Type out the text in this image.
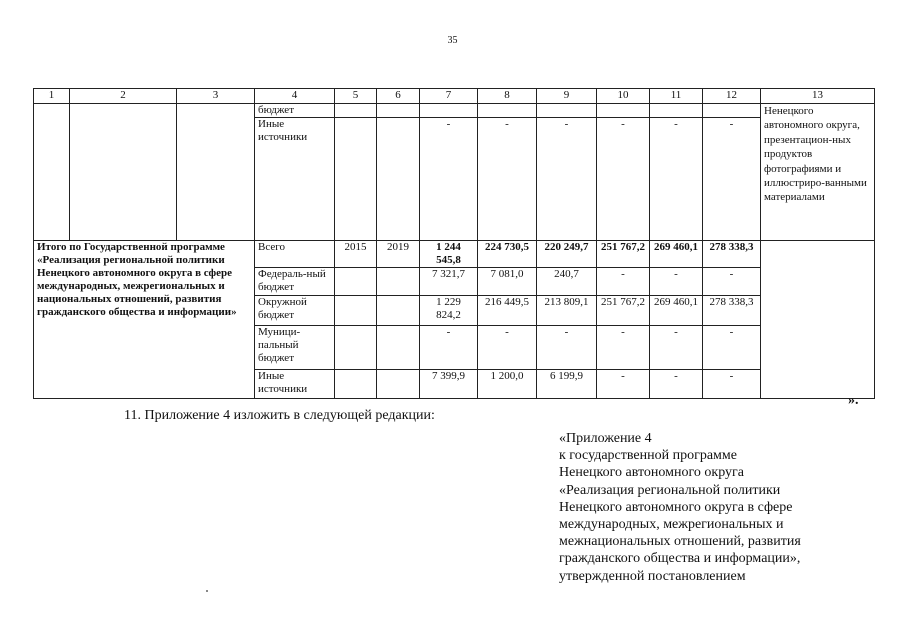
35
1	2	3	4	5	6	7	8	9	10	11	12	13
			бюджет									Ненецкого автономного округа, презентацион-ных продуктов фотографиями и иллюстриро-ванными материалами
			Иные источники			-	-	-	-	-	-	
Итого по Государственной программе «Реализация региональной политики Ненецкого автономного округа в сфере международных, межрегиональных и национальных отношений, развития гражданского общества и информации»			Всего	2015	2019	1 244 545,8	224 730,5	220 249,7	251 767,2	269 460,1	278 338,3	
			Федераль-ный бюджет			7 321,7	7 081,0	240,7	-	-	-	
			Окружной бюджет			1 229 824,2	216 449,5	213 809,1	251 767,2	269 460,1	278 338,3	
			Муници-пальный бюджет			-	-	-	-	-	-	
			Иные источники			7 399,9	1 200,0	6 199,9	-	-	-	
».
11. Приложение 4 изложить в следующей редакции:
«Приложение 4
к государственной программе
Ненецкого автономного округа
«Реализация региональной политики
Ненецкого автономного округа в сфере
международных, межрегиональных и
межнациональных отношений, развития
гражданского общества и информации»,
утвержденной постановлением
